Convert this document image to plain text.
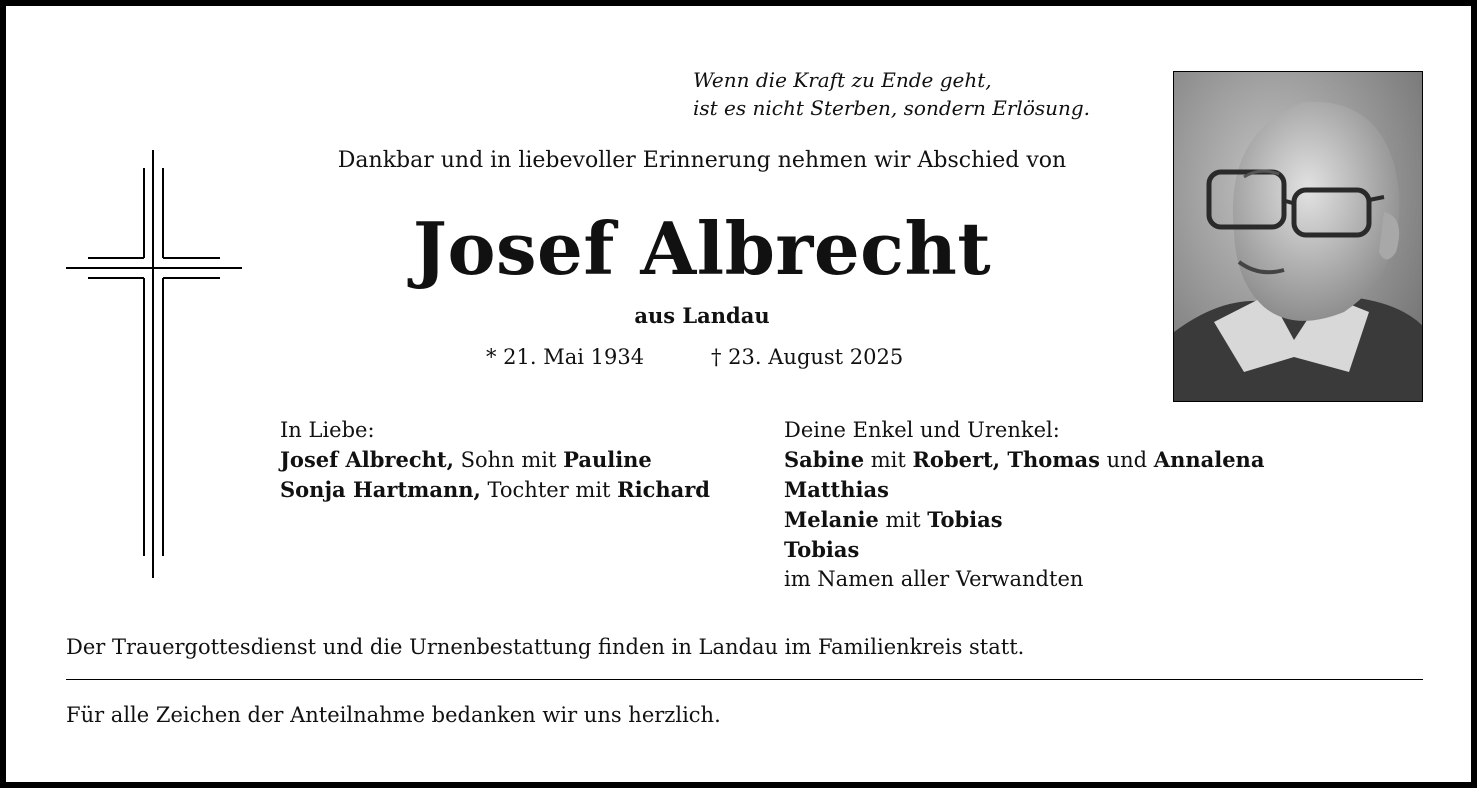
Wenn die Kraft zu Ende geht,
ist es nicht Sterben, sondern Erlösung.
Dankbar und in liebevoller Erinnerung nehmen wir Abschied von
Josef Albrecht
aus Landau
* 21. Mai 1934	† 23. August 2025
In Liebe:
Josef Albrecht, Sohn mit Pauline
Sonja Hartmann, Tochter mit Richard
Deine Enkel und Urenkel:
Sabine mit Robert, Thomas und Annalena
Matthias
Melanie mit Tobias
Tobias
im Namen aller Verwandten
Der Trauergottesdienst und die Urnenbestattung finden in Landau im Familienkreis statt.
Für alle Zeichen der Anteilnahme bedanken wir uns herzlich.
